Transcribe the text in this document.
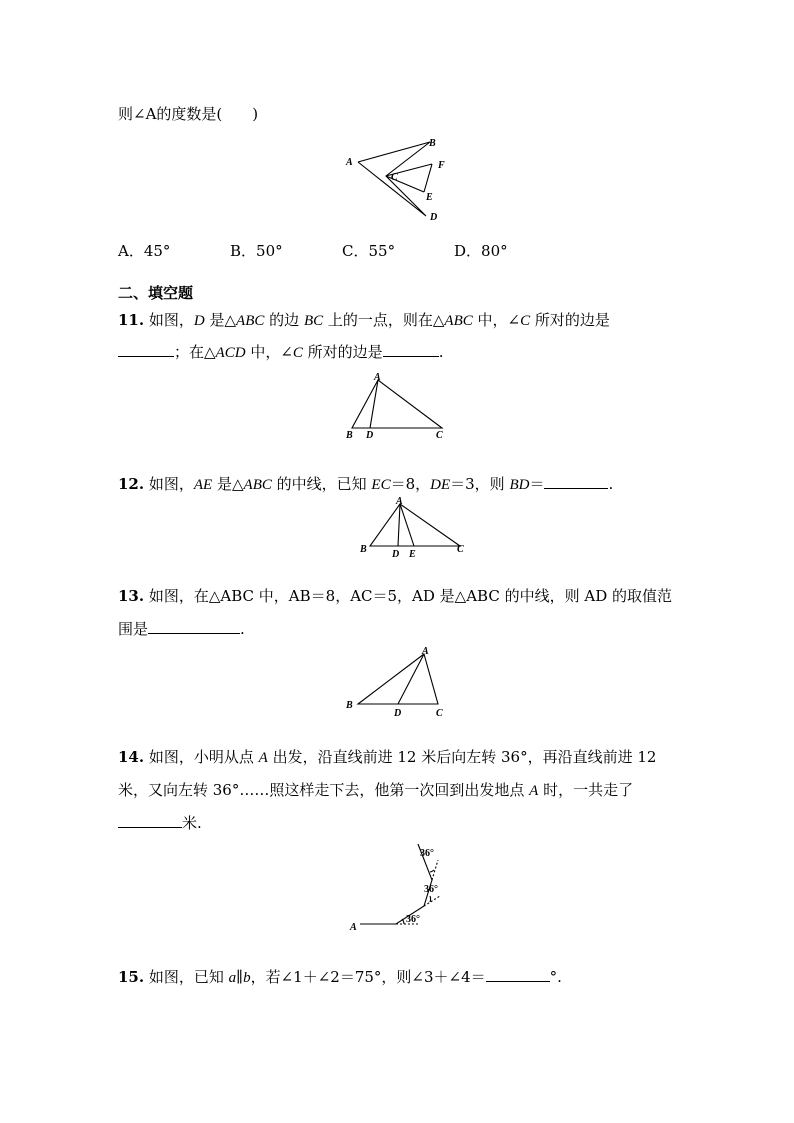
则∠A的度数是( )
A
B
C
D
E
F
A．45°	B．50°	C．55°	D．80°
二、填空题
11. 如图，D 是△ABC 的边 BC 上的一点，则在△ABC 中，∠C 所对的边是
；在△ACD 中，∠C 所对的边是	.
A
B D	C
12. 如图，AE 是△ABC 的中线，已知 EC＝8，DE＝3，则 BD＝	.
A
B	D E	C
13. 如图，在△ABC 中，AB＝8，AC＝5，AD 是△ABC 的中线，则 AD 的取值范
围是	.
A
B
D	C
14. 如图，小明从点 A 出发，沿直线前进 12 米后向左转 36°，再沿直线前进 12
米，又向左转 36°……照这样走下去，他第一次回到出发地点 A 时，一共走了
米.
A
36°
36°
36°
15. 如图，已知 a∥b，若∠1＋∠2＝75°，则∠3＋∠4＝	°.
